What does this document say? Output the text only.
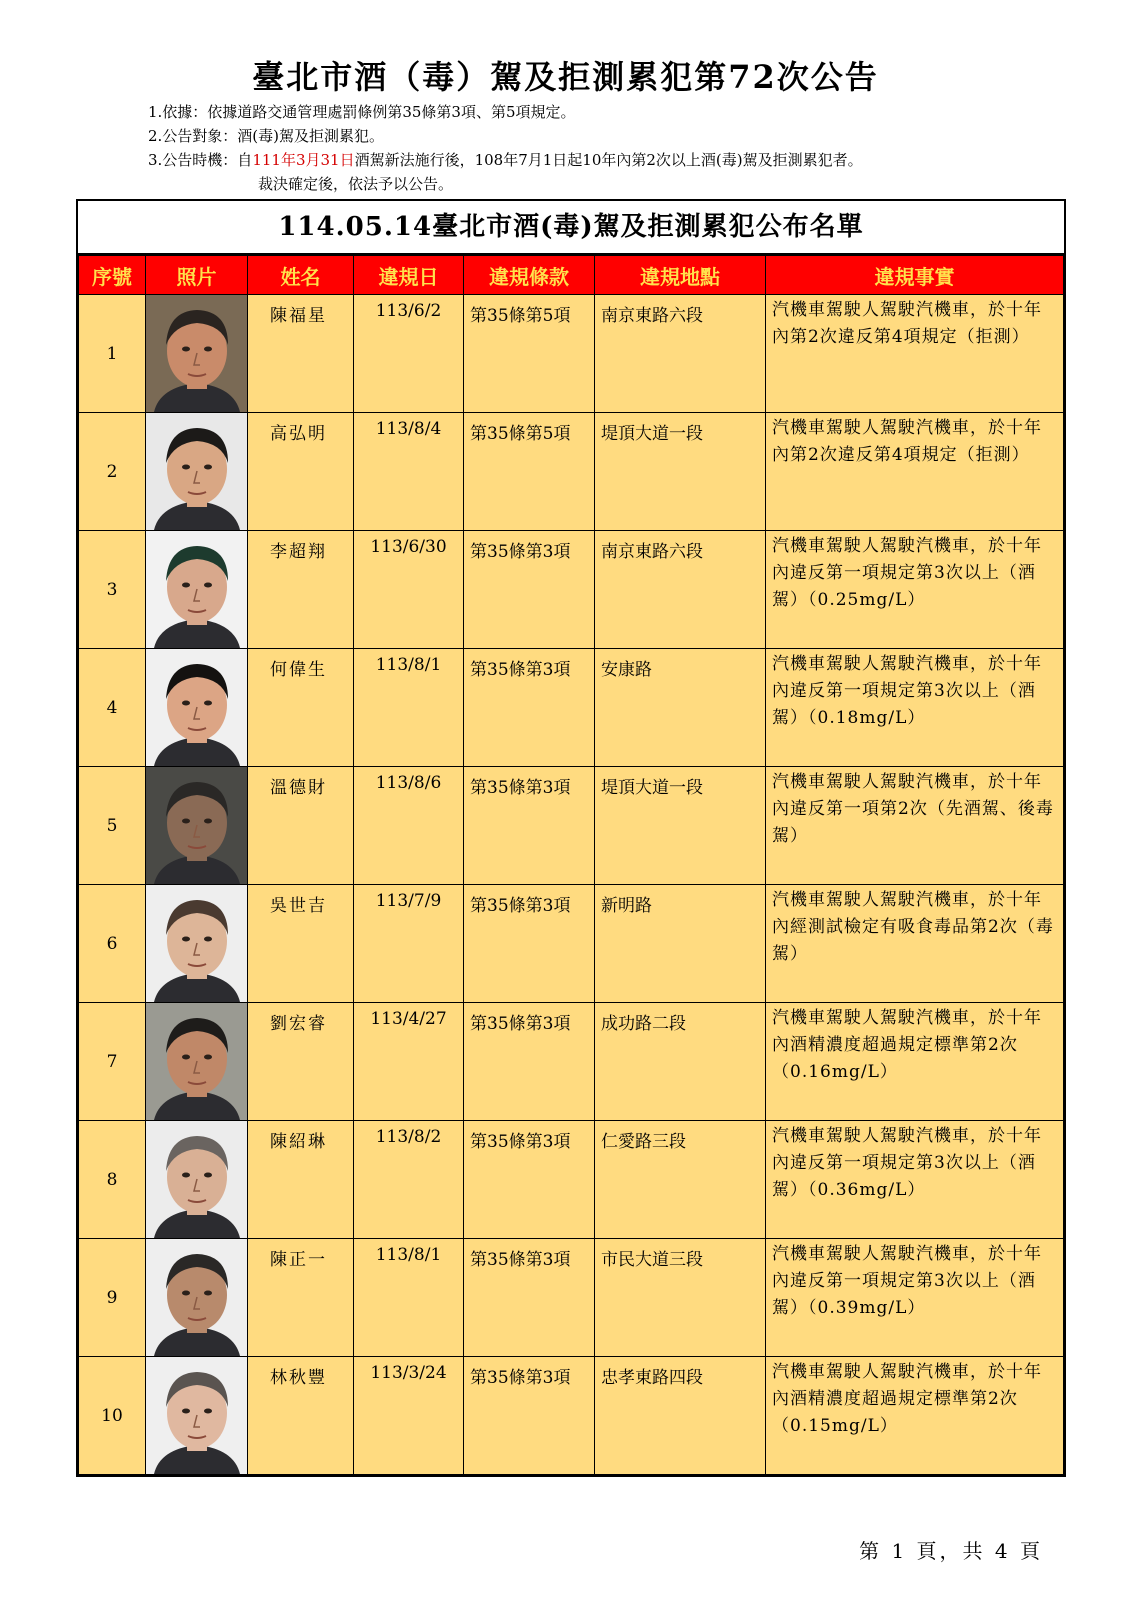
臺北市酒（毒）駕及拒測累犯第72次公告
1.依據：依據道路交通管理處罰條例第35條第3項、第5項規定。
2.公告對象：酒(毒)駕及拒測累犯。
3.公告時機：自111年3月31日酒駕新法施行後，108年7月1日起10年內第2次以上酒(毒)駕及拒測累犯者。
裁決確定後，依法予以公告。
114.05.14臺北市酒(毒)駕及拒測累犯公布名單
序號	照片	姓名	違規日	違規條款	違規地點	違規事實
1		陳福星	113/6/2	第35條第5項	南京東路六段	汽機車駕駛人駕駛汽機車，於十年內第2次違反第4項規定（拒測）
2		高弘明	113/8/4	第35條第5項	堤頂大道一段	汽機車駕駛人駕駛汽機車，於十年內第2次違反第4項規定（拒測）
3		李超翔	113/6/30	第35條第3項	南京東路六段	汽機車駕駛人駕駛汽機車，於十年內違反第一項規定第3次以上（酒駕）（0.25mg/L）
4		何偉生	113/8/1	第35條第3項	安康路	汽機車駕駛人駕駛汽機車，於十年內違反第一項規定第3次以上（酒駕）（0.18mg/L）
5		溫德財	113/8/6	第35條第3項	堤頂大道一段	汽機車駕駛人駕駛汽機車，於十年內違反第一項第2次（先酒駕、後毒駕）
6		吳世吉	113/7/9	第35條第3項	新明路	汽機車駕駛人駕駛汽機車，於十年內經測試檢定有吸食毒品第2次（毒駕）
7		劉宏睿	113/4/27	第35條第3項	成功路二段	汽機車駕駛人駕駛汽機車，於十年內酒精濃度超過規定標準第2次（0.16mg/L）
8		陳紹琳	113/8/2	第35條第3項	仁愛路三段	汽機車駕駛人駕駛汽機車，於十年內違反第一項規定第3次以上（酒駕）（0.36mg/L）
9		陳正一	113/8/1	第35條第3項	市民大道三段	汽機車駕駛人駕駛汽機車，於十年內違反第一項規定第3次以上（酒駕）（0.39mg/L）
10		林秋豐	113/3/24	第35條第3項	忠孝東路四段	汽機車駕駛人駕駛汽機車，於十年內酒精濃度超過規定標準第2次（0.15mg/L）
第 1 頁，共 4 頁
